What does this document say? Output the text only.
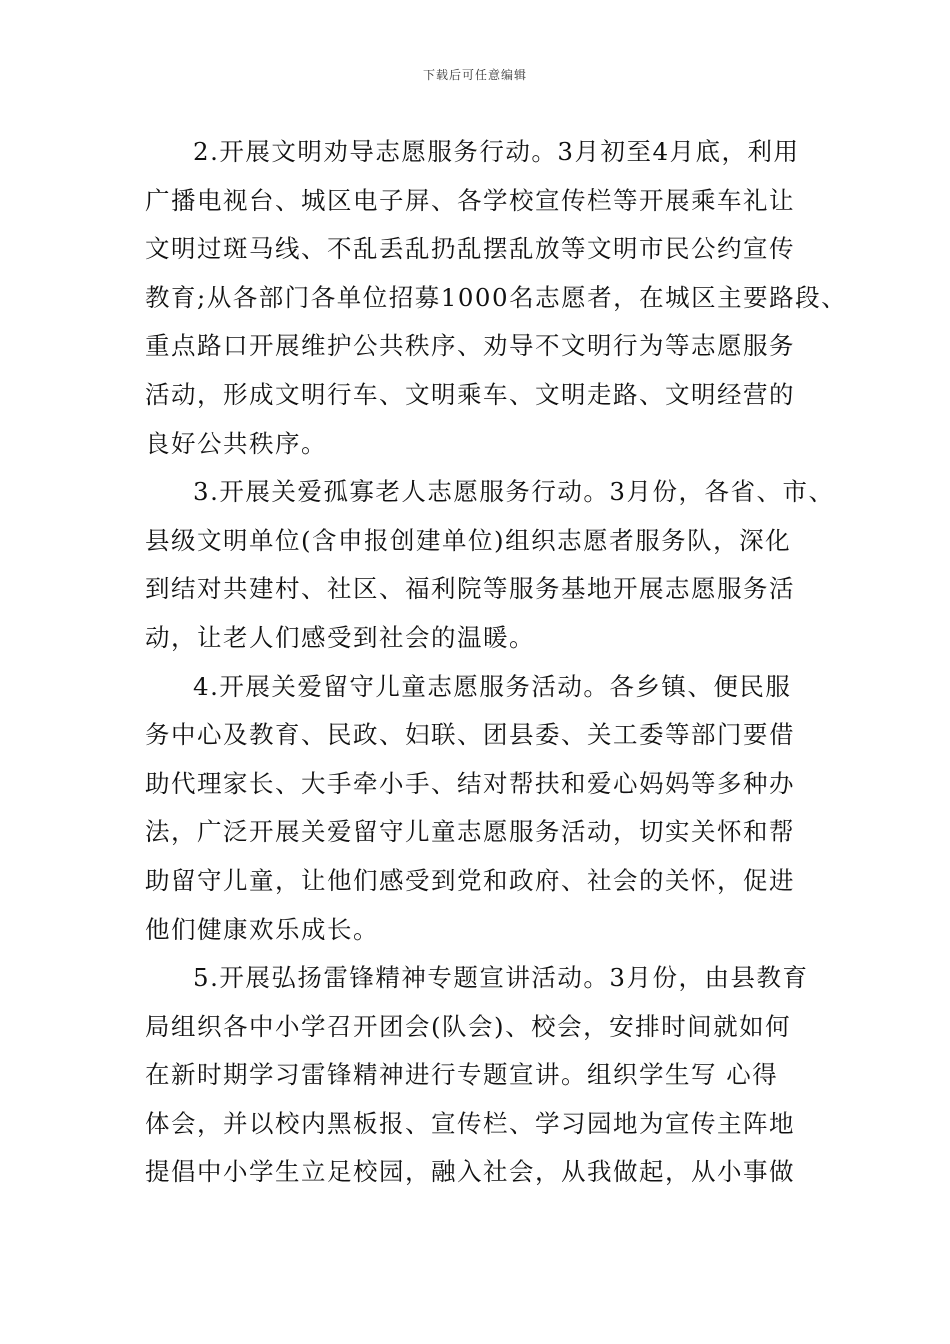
下载后可任意编辑
2.开展文明劝导志愿服务行动。3月初至4月底，利用
广播电视台、城区电子屏、各学校宣传栏等开展乘车礼让
文明过斑马线、不乱丢乱扔乱摆乱放等文明市民公约宣传
教育;从各部门各单位招募1000名志愿者，在城区主要路段、
重点路口开展维护公共秩序、劝导不文明行为等志愿服务
活动，形成文明行车、文明乘车、文明走路、文明经营的
良好公共秩序。
3.开展关爱孤寡老人志愿服务行动。3月份，各省、市、
县级文明单位(含申报创建单位)组织志愿者服务队，深化
到结对共建村、社区、福利院等服务基地开展志愿服务活
动，让老人们感受到社会的温暖。
4.开展关爱留守儿童志愿服务活动。各乡镇、便民服
务中心及教育、民政、妇联、团县委、关工委等部门要借
助代理家长、大手牵小手、结对帮扶和爱心妈妈等多种办
法，广泛开展关爱留守儿童志愿服务活动，切实关怀和帮
助留守儿童，让他们感受到党和政府、社会的关怀，促进
他们健康欢乐成长。
5.开展弘扬雷锋精神专题宣讲活动。3月份，由县教育
局组织各中小学召开团会(队会)、校会，安排时间就如何
在新时期学习雷锋精神进行专题宣讲。组织学生写 心得
体会，并以校内黑板报、宣传栏、学习园地为宣传主阵地
提倡中小学生立足校园，融入社会，从我做起，从小事做
